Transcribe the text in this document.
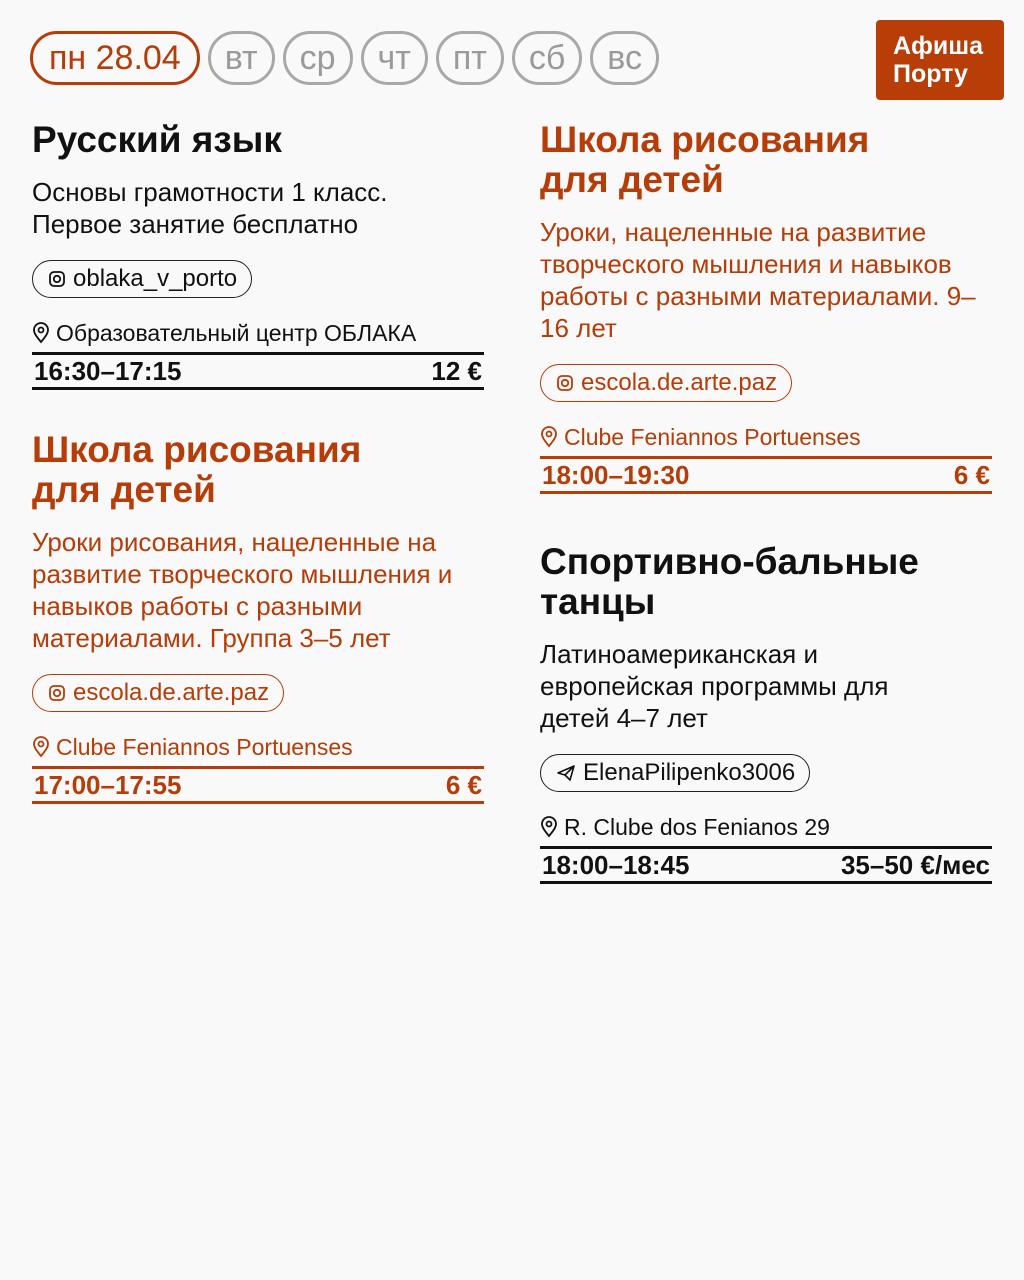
пн 28.04	вт	ср	чт	пт	сб	вс	Афиша
Порту
Русский язык
Основы грамотности 1 класс. Первое занятие бесплатно
oblaka_v_porto
Образовательный центр ОБЛАКА
16:30–17:15	12 €
Школа рисования для детей
Уроки рисования, нацеленные на развитие творческого мышления и навыков работы с разными материалами. Группа 3–5 лет
escola.de.arte.paz
Clube Feniannos Portuenses
17:00–17:55	6 €
Школа рисования для детей
Уроки, нацеленные на развитие творческого мышления и навыков работы с разными материалами. 9–16 лет
escola.de.arte.paz
Clube Feniannos Portuenses
18:00–19:30	6 €
Спортивно-бальные танцы
Латиноамериканская и европейская программы для детей 4–7 лет
ElenaPilipenko3006
R. Clube dos Fenianos 29
18:00–18:45	35–50 €/мес
